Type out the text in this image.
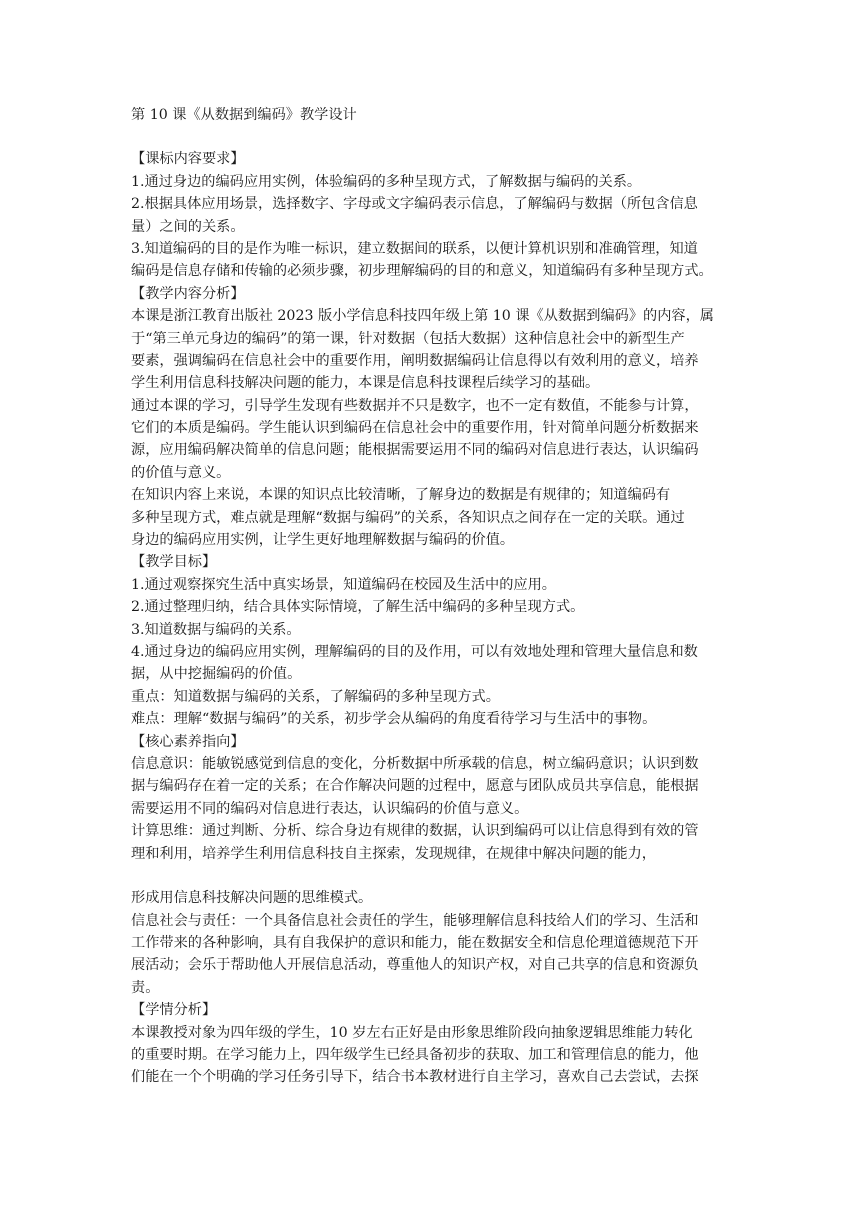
第 10 课《从数据到编码》教学设计
【课标内容要求】
1.通过身边的编码应用实例，体验编码的多种呈现方式，了解数据与编码的关系。
2.根据具体应用场景，选择数字、字母或文字编码表示信息，了解编码与数据（所包含信息
量）之间的关系。
3.知道编码的目的是作为唯一标识，建立数据间的联系，以便计算机识别和准确管理，知道
编码是信息存储和传输的必须步骤，初步理解编码的目的和意义，知道编码有多种呈现方式。
【教学内容分析】
本课是浙江教育出版社 2023 版小学信息科技四年级上第 10 课《从数据到编码》的内容，属
于“第三单元身边的编码”的第一课，针对数据（包括大数据）这种信息社会中的新型生产
要素，强调编码在信息社会中的重要作用，阐明数据编码让信息得以有效利用的意义，培养
学生利用信息科技解决问题的能力，本课是信息科技课程后续学习的基础。
通过本课的学习，引导学生发现有些数据并不只是数字，也不一定有数值，不能参与计算，
它们的本质是编码。学生能认识到编码在信息社会中的重要作用，针对简单问题分析数据来
源，应用编码解决简单的信息问题；能根据需要运用不同的编码对信息进行表达，认识编码
的价值与意义。
在知识内容上来说，本课的知识点比较清晰，了解身边的数据是有规律的；知道编码有
多种呈现方式，难点就是理解“数据与编码”的关系，各知识点之间存在一定的关联。通过
身边的编码应用实例，让学生更好地理解数据与编码的价值。
【教学目标】
1.通过观察探究生活中真实场景，知道编码在校园及生活中的应用。
2.通过整理归纳，结合具体实际情境，了解生活中编码的多种呈现方式。
3.知道数据与编码的关系。
4.通过身边的编码应用实例，理解编码的目的及作用，可以有效地处理和管理大量信息和数
据，从中挖掘编码的价值。
重点：知道数据与编码的关系，了解编码的多种呈现方式。
难点：理解“数据与编码”的关系，初步学会从编码的角度看待学习与生活中的事物。
【核心素养指向】
信息意识：能敏锐感觉到信息的变化，分析数据中所承载的信息，树立编码意识；认识到数
据与编码存在着一定的关系；在合作解决问题的过程中，愿意与团队成员共享信息，能根据
需要运用不同的编码对信息进行表达，认识编码的价值与意义。
计算思维：通过判断、分析、综合身边有规律的数据，认识到编码可以让信息得到有效的管
理和利用，培养学生利用信息科技自主探索，发现规律，在规律中解决问题的能力，
形成用信息科技解决问题的思维模式。
信息社会与责任：一个具备信息社会责任的学生，能够理解信息科技给人们的学习、生活和
工作带来的各种影响，具有自我保护的意识和能力，能在数据安全和信息伦理道德规范下开
展活动；会乐于帮助他人开展信息活动，尊重他人的知识产权，对自己共享的信息和资源负
责。
【学情分析】
本课教授对象为四年级的学生，10 岁左右正好是由形象思维阶段向抽象逻辑思维能力转化
的重要时期。在学习能力上，四年级学生已经具备初步的获取、加工和管理信息的能力，他
们能在一个个明确的学习任务引导下，结合书本教材进行自主学习，喜欢自己去尝试，去探
